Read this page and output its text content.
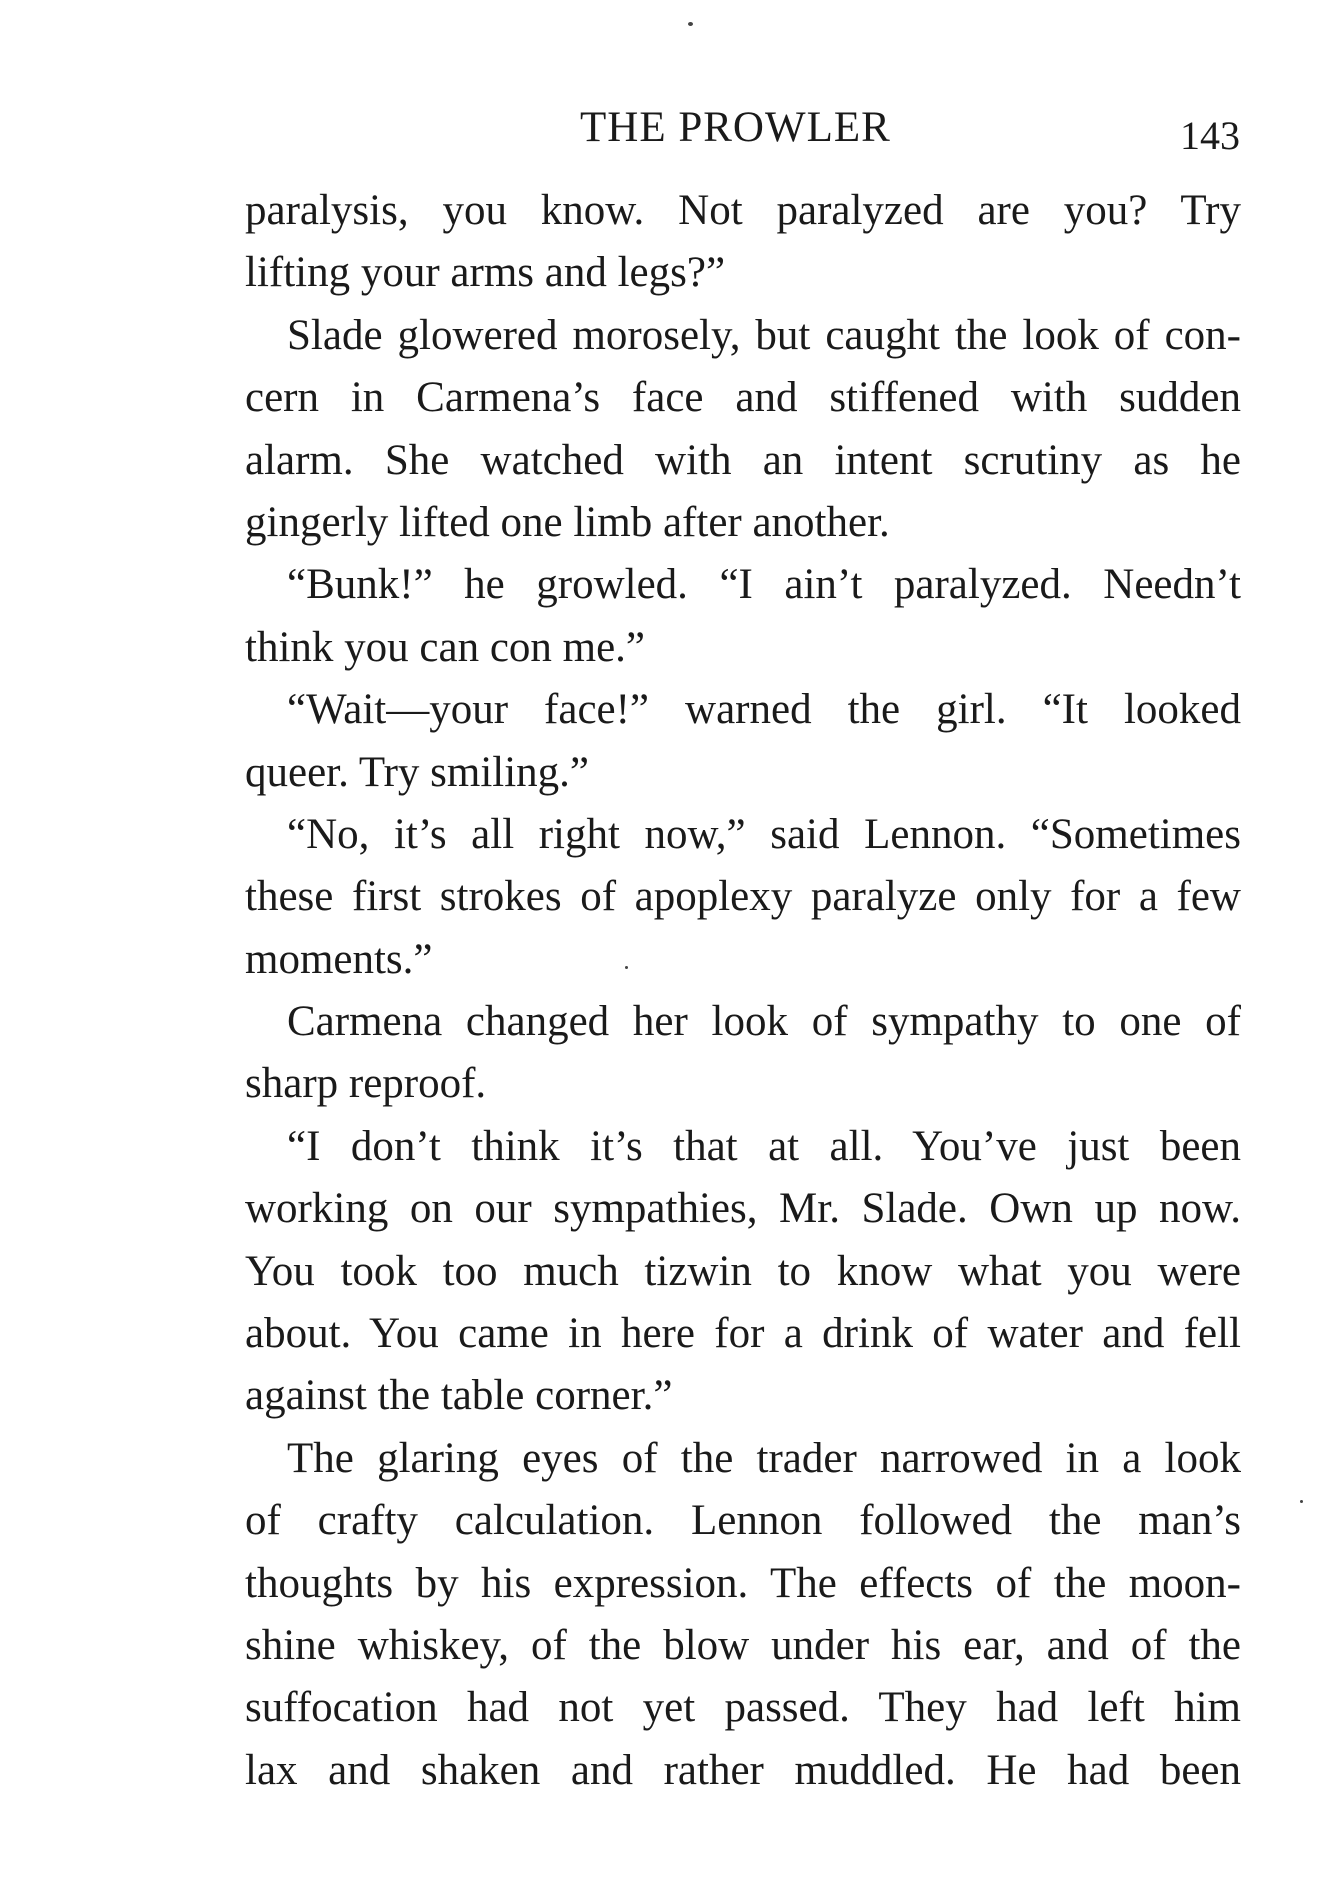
THE PROWLER	143
paralysis, you know. Not paralyzed are you? Try
lifting your arms and legs?”
Slade glowered morosely, but caught the look of con-
cern in Carmena’s face and stiffened with sudden
alarm. She watched with an intent scrutiny as he
gingerly lifted one limb after another.
“Bunk!” he growled. “I ain’t paralyzed. Needn’t
think you can con me.”
“Wait—your face!” warned the girl. “It looked
queer. Try smiling.”
“No, it’s all right now,” said Lennon. “Sometimes
these first strokes of apoplexy paralyze only for a few
moments.”
Carmena changed her look of sympathy to one of
sharp reproof.
“I don’t think it’s that at all. You’ve just been
working on our sympathies, Mr. Slade. Own up now.
You took too much tizwin to know what you were
about. You came in here for a drink of water and fell
against the table corner.”
The glaring eyes of the trader narrowed in a look
of crafty calculation. Lennon followed the man’s
thoughts by his expression. The effects of the moon-
shine whiskey, of the blow under his ear, and of the
suffocation had not yet passed. They had left him
lax and shaken and rather muddled. He had been
